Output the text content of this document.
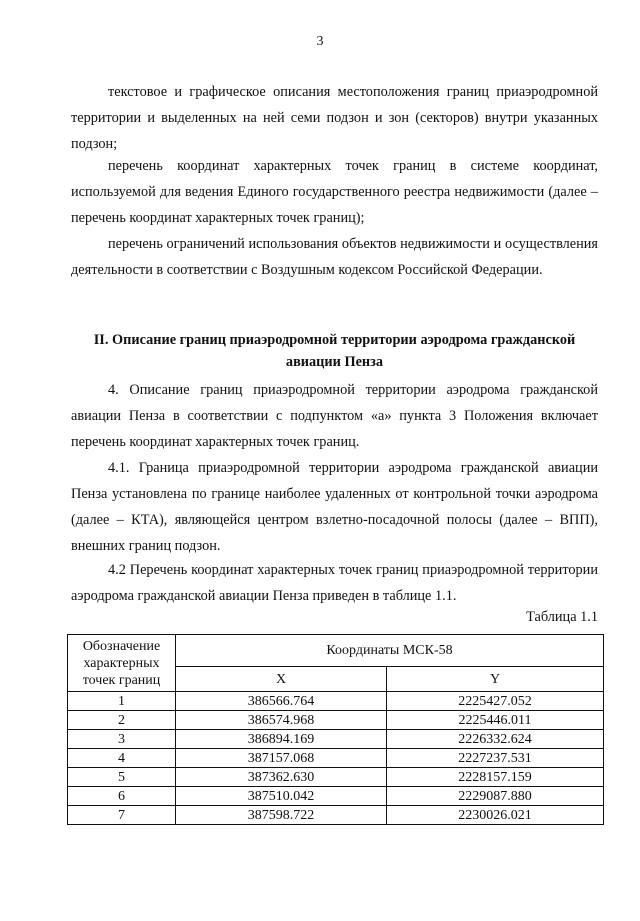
3

текстовое и графическое описания местоположения границ приаэродромной территории и выделенных на ней семи подзон и зон (секторов) внутри указанных подзон;

перечень координат характерных точек границ в системе координат, используемой для ведения Единого государственного реестра недвижимости (далее – перечень координат характерных точек границ);

перечень ограничений использования объектов недвижимости и осуществления деятельности в соответствии с Воздушным кодексом Российской Федерации.

II. Описание границ приаэродромной территории аэродрома гражданской авиации Пенза

4. Описание границ приаэродромной территории аэродрома гражданской авиации Пенза в соответствии с подпунктом «а» пункта 3 Положения включает перечень координат характерных точек границ.

4.1. Граница приаэродромной территории аэродрома гражданской авиации Пенза установлена по границе наиболее удаленных от контрольной точки аэродрома (далее – КТА), являющейся центром взлетно-посадочной полосы (далее – ВПП), внешних границ подзон.

4.2 Перечень координат характерных точек границ приаэродромной территории аэродрома гражданской авиации Пенза приведен в таблице 1.1.

Таблица 1.1
Обозначение характерных точек границ	Координаты МСК-58	
	X	Y
1	386566.764	2225427.052
2	386574.968	2225446.011
3	386894.169	2226332.624
4	387157.068	2227237.531
5	387362.630	2228157.159
6	387510.042	2229087.880
7	387598.722	2230026.021
